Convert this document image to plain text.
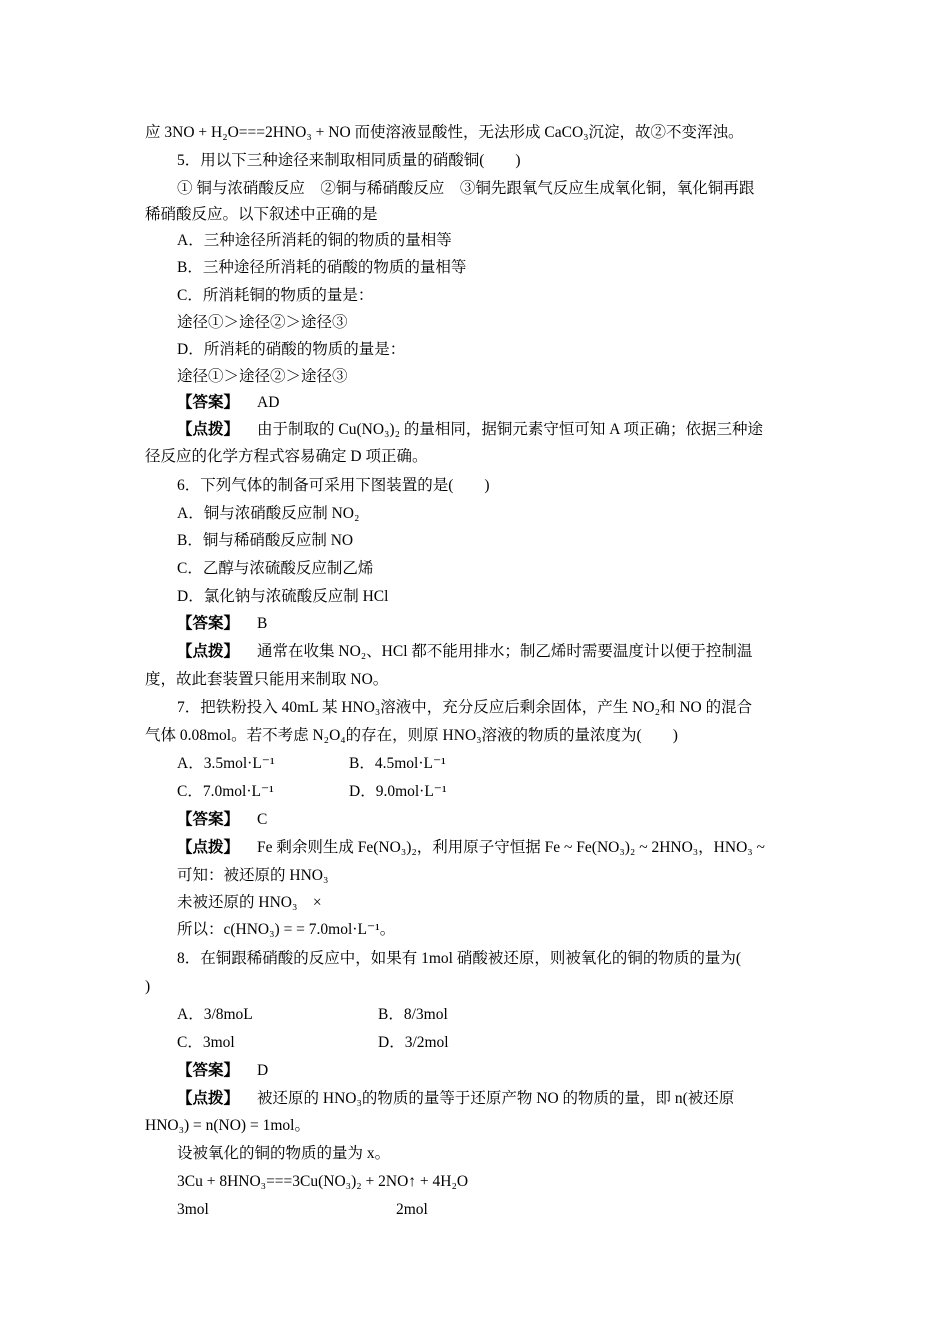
应 3NO + H₂O===2HNO₃ + NO 而使溶液显酸性，无法形成 CaCO₃沉淀，故②不变浑浊。
5．用以下三种途径来制取相同质量的硝酸铜(　　)
① 铜与浓硝酸反应　②铜与稀硝酸反应　③铜先跟氧气反应生成氧化铜，氧化铜再跟
稀硝酸反应。以下叙述中正确的是
A．三种途径所消耗的铜的物质的量相等
B．三种途径所消耗的硝酸的物质的量相等
C．所消耗铜的物质的量是：
途径①＞途径②＞途径③
D．所消耗的硝酸的物质的量是：
途径①＞途径②＞途径③
【答案】 AD
【点拨】 由于制取的 Cu(NO₃)₂ 的量相同，据铜元素守恒可知 A 项正确；依据三种途
径反应的化学方程式容易确定 D 项正确。
6．下列气体的制备可采用下图装置的是(　　)
A．铜与浓硝酸反应制 NO₂
B．铜与稀硝酸反应制 NO
C．乙醇与浓硫酸反应制乙烯
D．氯化钠与浓硫酸反应制 HCl
【答案】 B
【点拨】 通常在收集 NO₂、HCl 都不能用排水；制乙烯时需要温度计以便于控制温
度，故此套装置只能用来制取 NO。
7．把铁粉投入 40mL 某 HNO₃溶液中，充分反应后剩余固体，产生 NO₂和 NO 的混合
气体 0.08mol。若不考虑 N₂O₄的存在，则原 HNO₃溶液的物质的量浓度为(　　)
A．3.5mol·L⁻¹	B．4.5mol·L⁻¹
C．7.0mol·L⁻¹	D．9.0mol·L⁻¹
【答案】 C
【点拨】 Fe 剩余则生成 Fe(NO₃)₂，利用原子守恒据 Fe ~ Fe(NO₃)₂ ~ 2HNO₃，HNO₃ ~
可知：被还原的 HNO₃
未被还原的 HNO₃　×
所以：c(HNO₃) = = 7.0mol·L⁻¹。
8．在铜跟稀硝酸的反应中，如果有 1mol 硝酸被还原，则被氧化的铜的物质的量为(
)
A．3/8moL	B．8/3mol
C．3mol	D．3/2mol
【答案】 D
【点拨】 被还原的 HNO₃的物质的量等于还原产物 NO 的物质的量，即 n(被还原
HNO₃) = n(NO) = 1mol。
设被氧化的铜的物质的量为 x。
3Cu + 8HNO₃===3Cu(NO₃)₂ + 2NO↑ + 4H₂O
3mol	2mol
